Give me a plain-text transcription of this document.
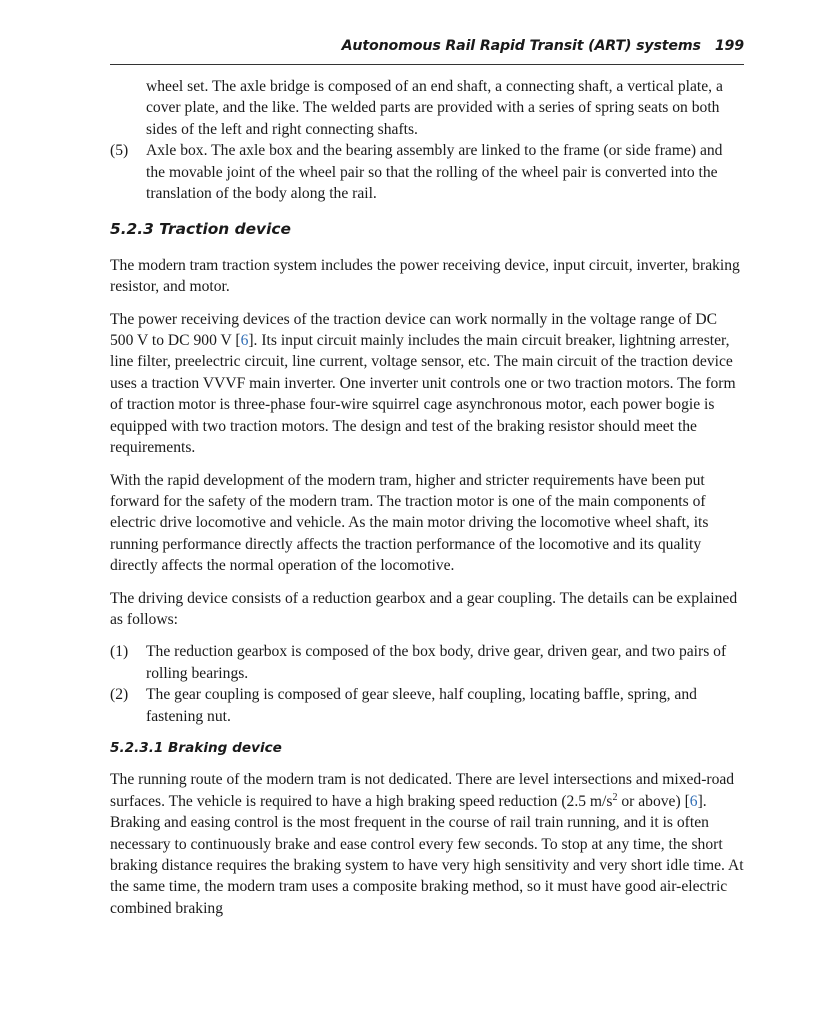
Autonomous Rail Rapid Transit (ART) systems 199

wheel set. The axle bridge is composed of an end shaft, a connecting shaft, a vertical plate, a cover plate, and the like. The welded parts are provided with a series of spring seats on both sides of the left and right connecting shafts.

(5)	Axle box. The axle box and the bearing assembly are linked to the frame (or side frame) and the movable joint of the wheel pair so that the rolling of the wheel pair is converted into the translation of the body along the rail.
5.2.3 Traction device

The modern tram traction system includes the power receiving device, input circuit, inverter, braking resistor, and motor.

The power receiving devices of the traction device can work normally in the voltage range of DC 500 V to DC 900 V [6]. Its input circuit mainly includes the main circuit breaker, lightning arrester, line filter, preelectric circuit, line current, voltage sensor, etc. The main circuit of the traction device uses a traction VVVF main inverter. One inverter unit controls one or two traction motors. The form of traction motor is three-phase four-wire squirrel cage asynchronous motor, each power bogie is equipped with two traction motors. The design and test of the braking resistor should meet the requirements.

With the rapid development of the modern tram, higher and stricter requirements have been put forward for the safety of the modern tram. The traction motor is one of the main components of electric drive locomotive and vehicle. As the main motor driving the locomotive wheel shaft, its running performance directly affects the traction performance of the locomotive and its quality directly affects the normal operation of the locomotive.

The driving device consists of a reduction gearbox and a gear coupling. The details can be explained as follows:

(1)	The reduction gearbox is composed of the box body, drive gear, driven gear, and two pairs of rolling bearings.
(2)	The gear coupling is composed of gear sleeve, half coupling, locating baffle, spring, and fastening nut.
5.2.3.1 Braking device

The running route of the modern tram is not dedicated. There are level intersections and mixed-road surfaces. The vehicle is required to have a high braking speed reduction (2.5 $m/s^2$ or above) [6]. Braking and easing control is the most frequent in the course of rail train running, and it is often necessary to continuously brake and ease control every few seconds. To stop at any time, the short braking distance requires the braking system to have very high sensitivity and very short idle time. At the same time, the modern tram uses a composite braking method, so it must have good air-electric combined braking
